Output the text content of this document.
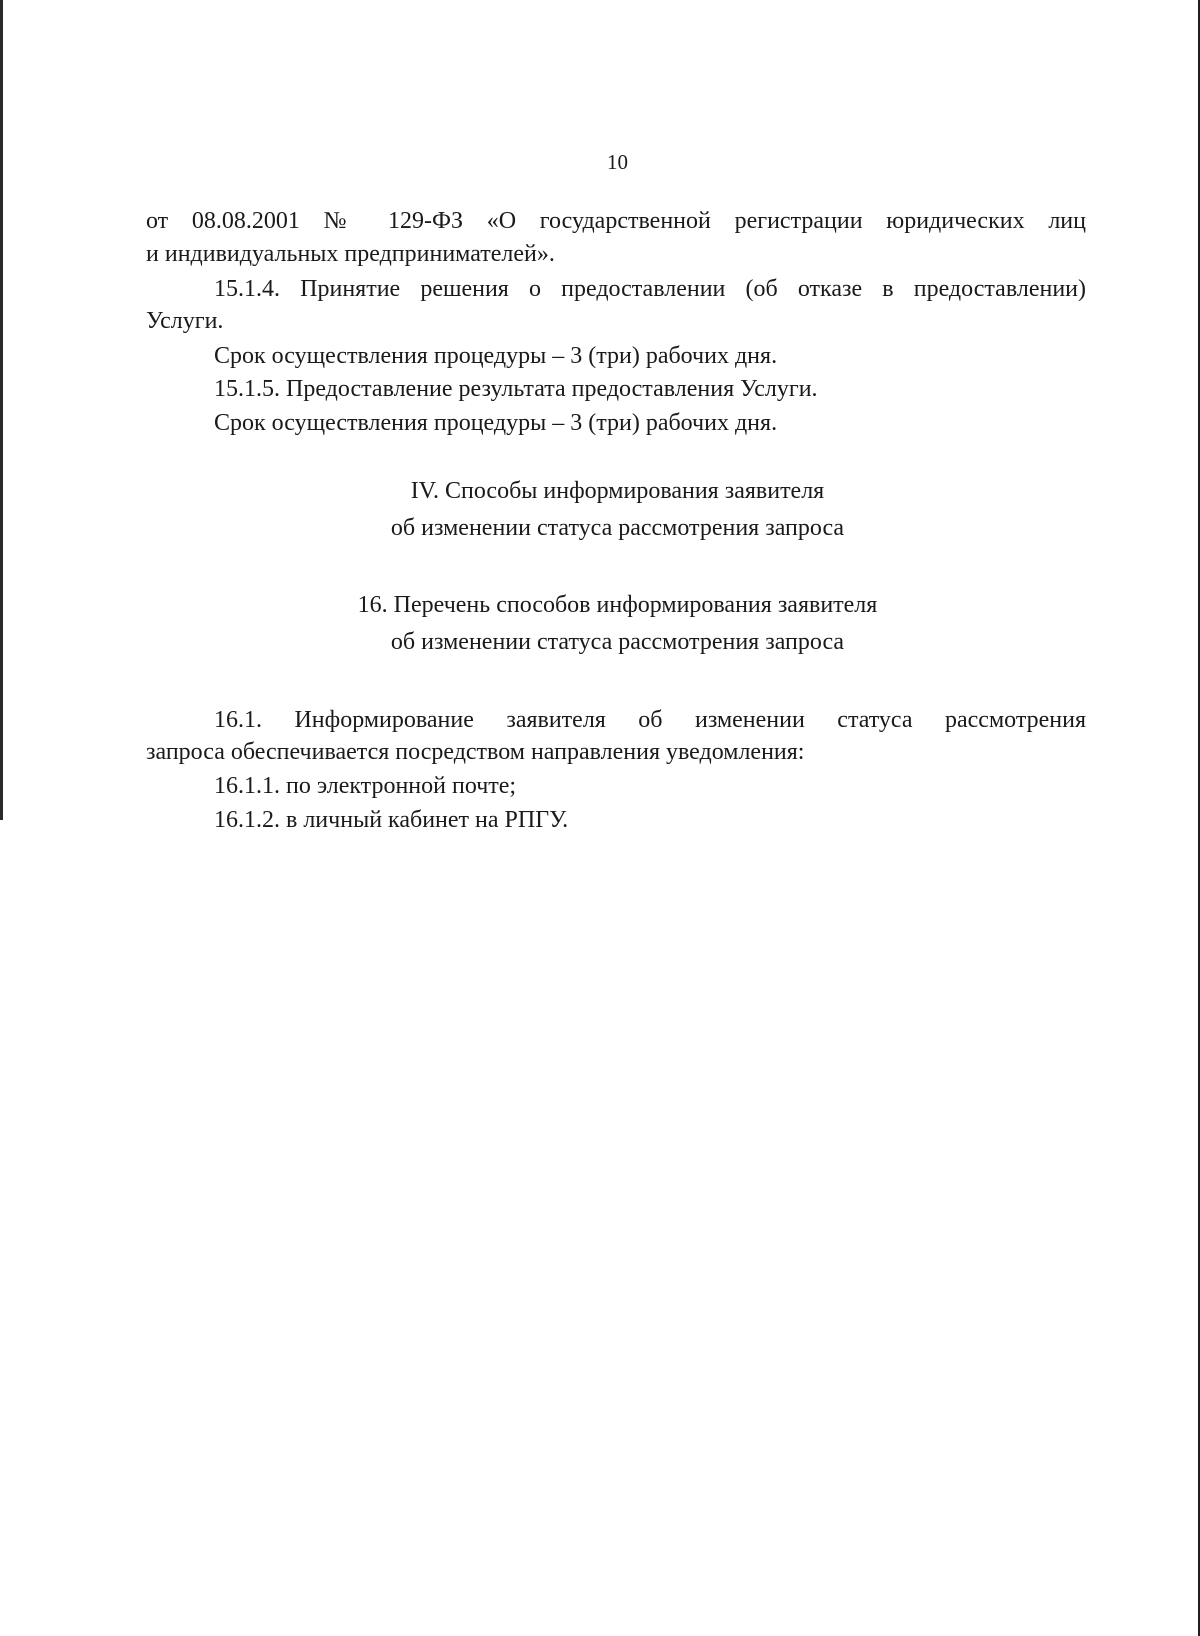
10
от 08.08.2001 № 129-ФЗ «О государственной регистрации юридических лиц
и индивидуальных предпринимателей».
15.1.4. Принятие решения о предоставлении (об отказе в предоставлении)
Услуги.
Срок осуществления процедуры – 3 (три) рабочих дня.
15.1.5. Предоставление результата предоставления Услуги.
Срок осуществления процедуры – 3 (три) рабочих дня.
IV. Способы информирования заявителя
об изменении статуса рассмотрения запроса
16. Перечень способов информирования заявителя
об изменении статуса рассмотрения запроса
16.1. Информирование заявителя об изменении статуса рассмотрения
запроса обеспечивается посредством направления уведомления:
16.1.1. по электронной почте;
16.1.2. в личный кабинет на РПГУ.
